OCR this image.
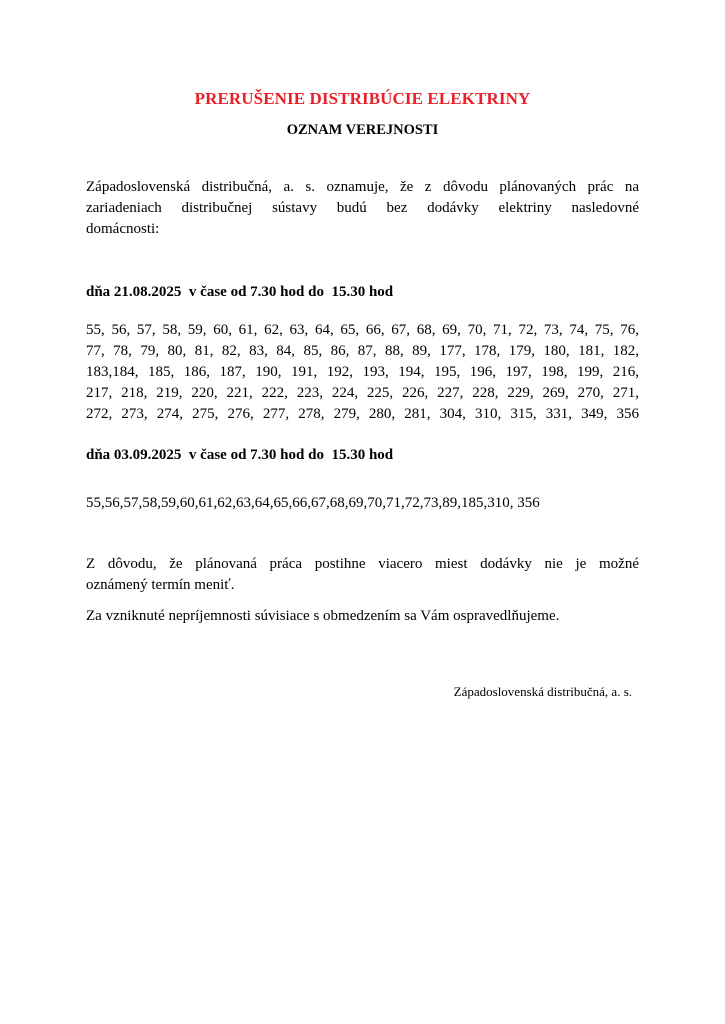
PRERUŠENIE DISTRIBÚCIE ELEKTRINY
OZNAM VEREJNOSTI
Západoslovenská distribučná, a. s. oznamuje, že z dôvodu plánovaných prác na
zariadeniach distribučnej sústavy budú bez dodávky elektriny nasledovné
domácnosti:
dňa 21.08.2025  v čase od 7.30 hod do  15.30 hod
55, 56, 57, 58, 59, 60, 61, 62, 63, 64, 65, 66, 67, 68, 69, 70, 71, 72, 73, 74, 75, 76,
77, 78, 79, 80, 81, 82, 83, 84, 85, 86, 87, 88, 89, 177, 178, 179, 180, 181, 182,
183,184, 185, 186, 187, 190, 191, 192, 193, 194, 195, 196, 197, 198, 199, 216,
217, 218, 219, 220, 221, 222, 223, 224, 225, 226, 227, 228, 229, 269, 270, 271,
272, 273, 274, 275, 276, 277, 278, 279, 280, 281, 304, 310, 315, 331, 349, 356
dňa 03.09.2025  v čase od 7.30 hod do  15.30 hod
55,56,57,58,59,60,61,62,63,64,65,66,67,68,69,70,71,72,73,89,185,310, 356
Z dôvodu, že plánovaná práca postihne viacero miest dodávky nie je možné
oznámený termín meniť.
Za vzniknuté nepríjemnosti súvisiace s obmedzením sa Vám ospravedlňujeme.
Západoslovenská distribučná, a. s.
